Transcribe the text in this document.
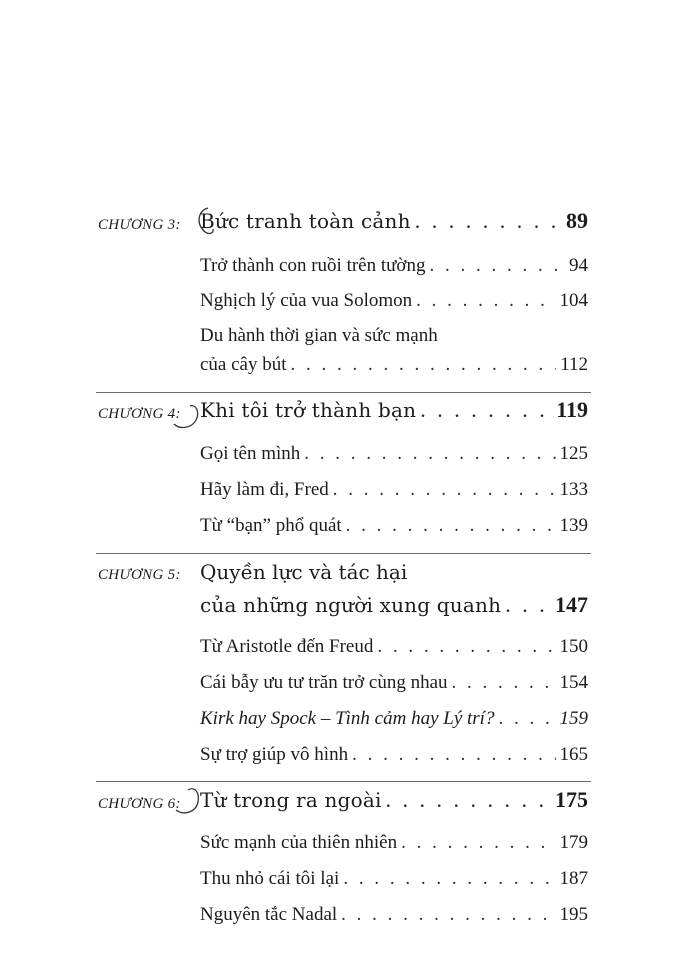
CHƯƠNG 3: Bức tranh toàn cảnh . . .	89
Trở thành con ruồi trên tường . . .	94
Nghịch lý của vua Solomon . . .	104
Du hành thời gian và sức mạnh
của cây bút . . .	112
CHƯƠNG 4: Khi tôi trở thành bạn . . .	119
Gọi tên mình . . .	125
Hãy làm đi, Fred . . .	133
Từ “bạn” phổ quát . . .	139
CHƯƠNG 5: Quyền lực và tác hại
của những người xung quanh . . . 147
Từ Aristotle đến Freud . . .	150
Cái bẫy ưu tư trăn trở cùng nhau . . .	154
Kirk hay Spock – Tình cảm hay Lý trí? . . .	159
Sự trợ giúp vô hình . . .	165
CHƯƠNG 6: Từ trong ra ngoài . . .	175
Sức mạnh của thiên nhiên . . .	179
Thu nhỏ cái tôi lại . . .	187
Nguyên tắc Nadal . . .	195
